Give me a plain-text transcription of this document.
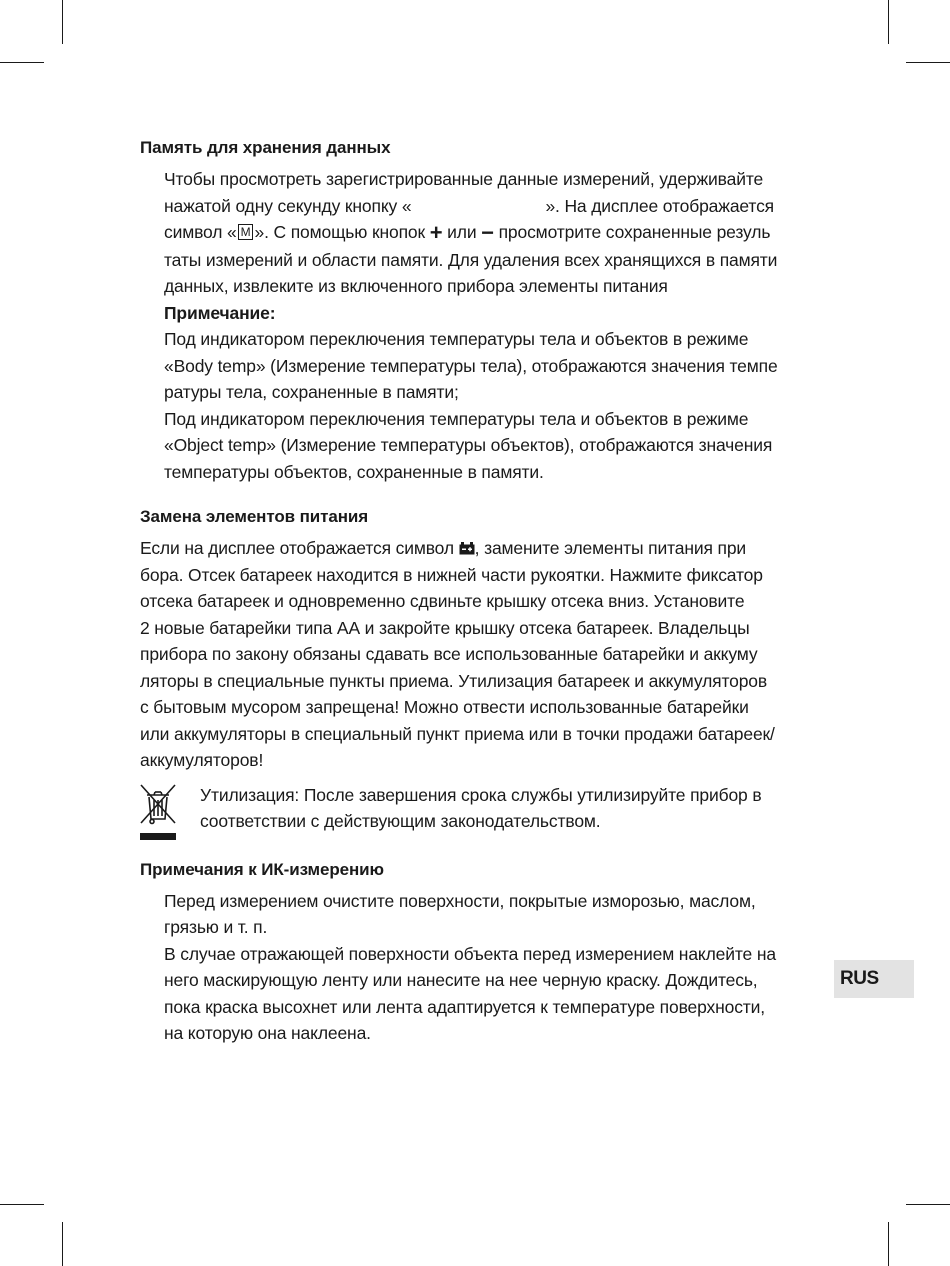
Память для хранения данных

Чтобы просмотреть зарегистрированные данные измерений, удерживайте

нажатой одну секунду кнопку «	». На дисплее отображается

символ « M ». С помощью кнопок + или − просмотрите сохраненные резуль

таты измерений и области памяти. Для удаления всех хранящихся в памяти

данных, извлеките из включенного прибора элементы питания

Примечание:

Под индикатором переключения температуры тела и объектов в режиме

«Body temp» (Измерение температуры тела), отображаются значения темпе

ратуры тела, сохраненные в памяти;

Под индикатором переключения температуры тела и объектов в режиме

«Object temp» (Измерение температуры объектов), отображаются значения

температуры объектов, сохраненные в памяти.

Замена элементов питания

Если на дисплее отображается символ , замените элементы питания при

бора. Отсек батареек находится в нижней части рукоятки. Нажмите фиксатор

отсека батареек и одновременно сдвиньте крышку отсека вниз. Установите

2 новые батарейки типа АА и закройте крышку отсека батареек. Владельцы

прибора по закону обязаны сдавать все использованные батарейки и аккуму

ляторы в специальные пункты приема. Утилизация батареек и аккумуляторов

с бытовым мусором запрещена! Можно отвести использованные батарейки

или аккумуляторы в специальный пункт приема или в точки продажи батареек/

аккумуляторов!

Утилизация: После завершения срока службы утилизируйте прибор в

соответствии с действующим законодательством.

Примечания к ИК-измерению

Перед измерением очистите поверхности, покрытые изморозью, маслом,

грязью и т. п.

В случае отражающей поверхности объекта перед измерением наклейте на

него маскирующую ленту или нанесите на нее черную краску. Дождитесь,

пока краска высохнет или лента адаптируется к температуре поверхности,

на которую она наклеена.

RUS
